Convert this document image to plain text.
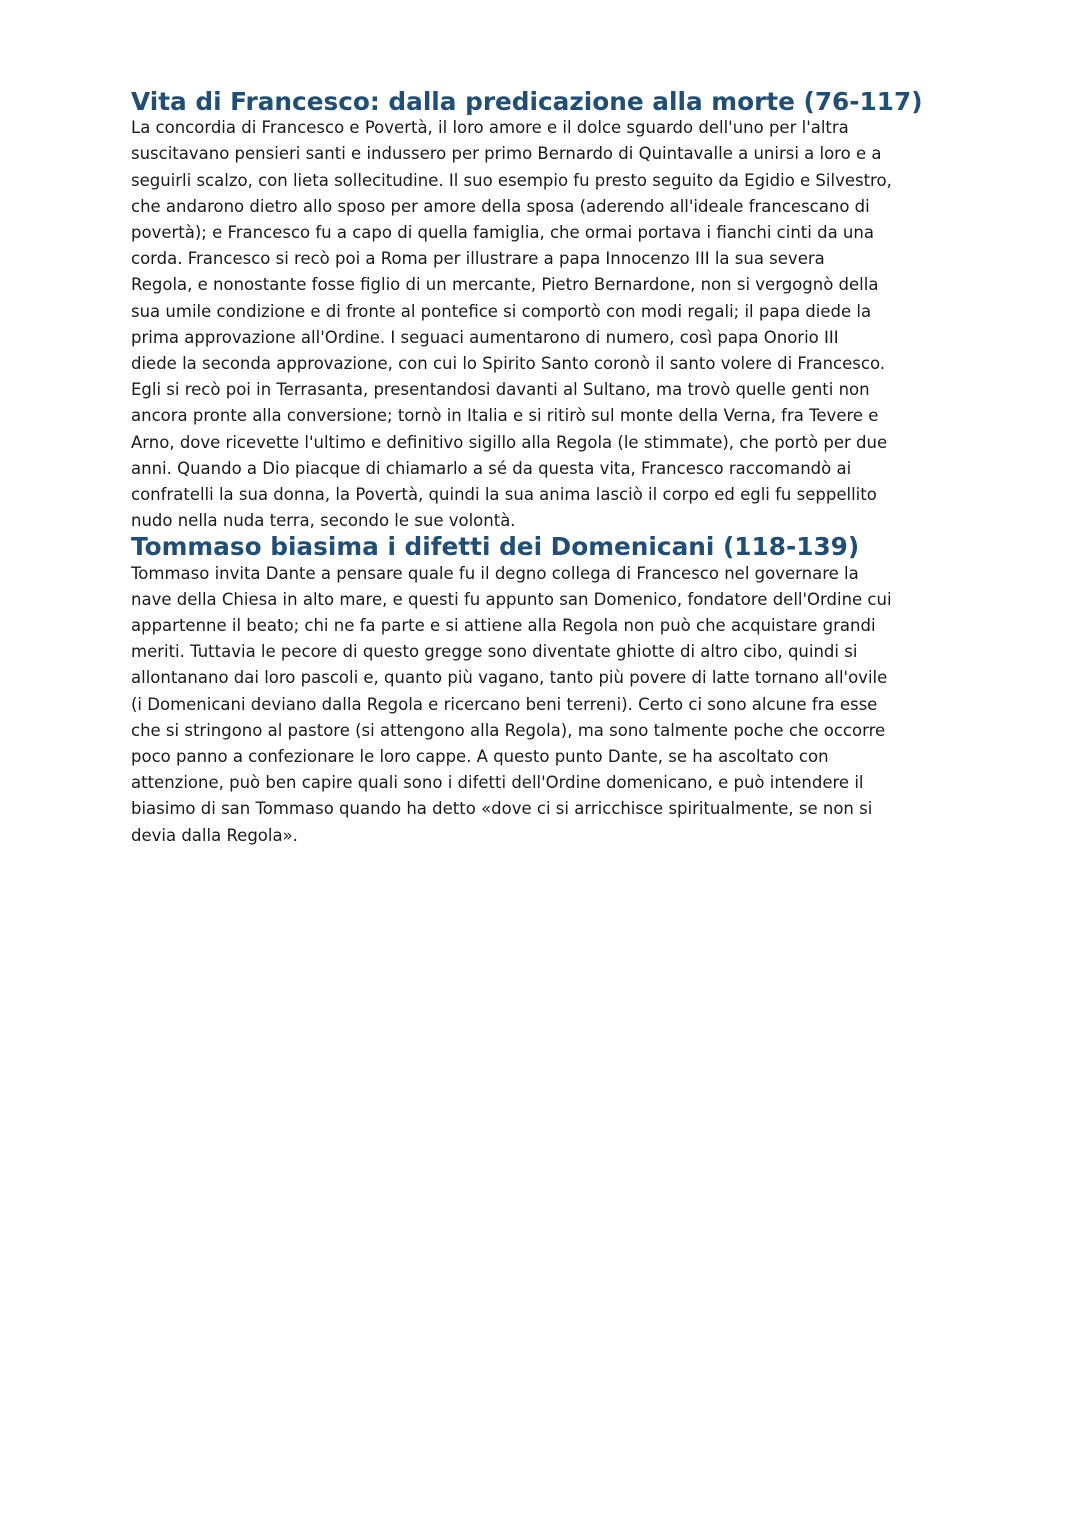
Vita di Francesco: dalla predicazione alla morte (76-117)

La concordia di Francesco e Povertà, il loro amore e il dolce sguardo dell'uno per l'altra
suscitavano pensieri santi e indussero per primo Bernardo di Quintavalle a unirsi a loro e a
seguirli scalzo, con lieta sollecitudine. Il suo esempio fu presto seguito da Egidio e Silvestro,
che andarono dietro allo sposo per amore della sposa (aderendo all'ideale francescano di
povertà); e Francesco fu a capo di quella famiglia, che ormai portava i fianchi cinti da una
corda. Francesco si recò poi a Roma per illustrare a papa Innocenzo III la sua severa
Regola, e nonostante fosse figlio di un mercante, Pietro Bernardone, non si vergognò della
sua umile condizione e di fronte al pontefice si comportò con modi regali; il papa diede la
prima approvazione all'Ordine. I seguaci aumentarono di numero, così papa Onorio III
diede la seconda approvazione, con cui lo Spirito Santo coronò il santo volere di Francesco.
Egli si recò poi in Terrasanta, presentandosi davanti al Sultano, ma trovò quelle genti non
ancora pronte alla conversione; tornò in Italia e si ritirò sul monte della Verna, fra Tevere e
Arno, dove ricevette l'ultimo e definitivo sigillo alla Regola (le stimmate), che portò per due
anni. Quando a Dio piacque di chiamarlo a sé da questa vita, Francesco raccomandò ai
confratelli la sua donna, la Povertà, quindi la sua anima lasciò il corpo ed egli fu seppellito
nudo nella nuda terra, secondo le sue volontà.

Tommaso biasima i difetti dei Domenicani (118-139)

Tommaso invita Dante a pensare quale fu il degno collega di Francesco nel governare la
nave della Chiesa in alto mare, e questi fu appunto san Domenico, fondatore dell'Ordine cui
appartenne il beato; chi ne fa parte e si attiene alla Regola non può che acquistare grandi
meriti. Tuttavia le pecore di questo gregge sono diventate ghiotte di altro cibo, quindi si
allontanano dai loro pascoli e, quanto più vagano, tanto più povere di latte tornano all'ovile
(i Domenicani deviano dalla Regola e ricercano beni terreni). Certo ci sono alcune fra esse
che si stringono al pastore (si attengono alla Regola), ma sono talmente poche che occorre
poco panno a confezionare le loro cappe. A questo punto Dante, se ha ascoltato con
attenzione, può ben capire quali sono i difetti dell'Ordine domenicano, e può intendere il
biasimo di san Tommaso quando ha detto «dove ci si arricchisce spiritualmente, se non si
devia dalla Regola».
